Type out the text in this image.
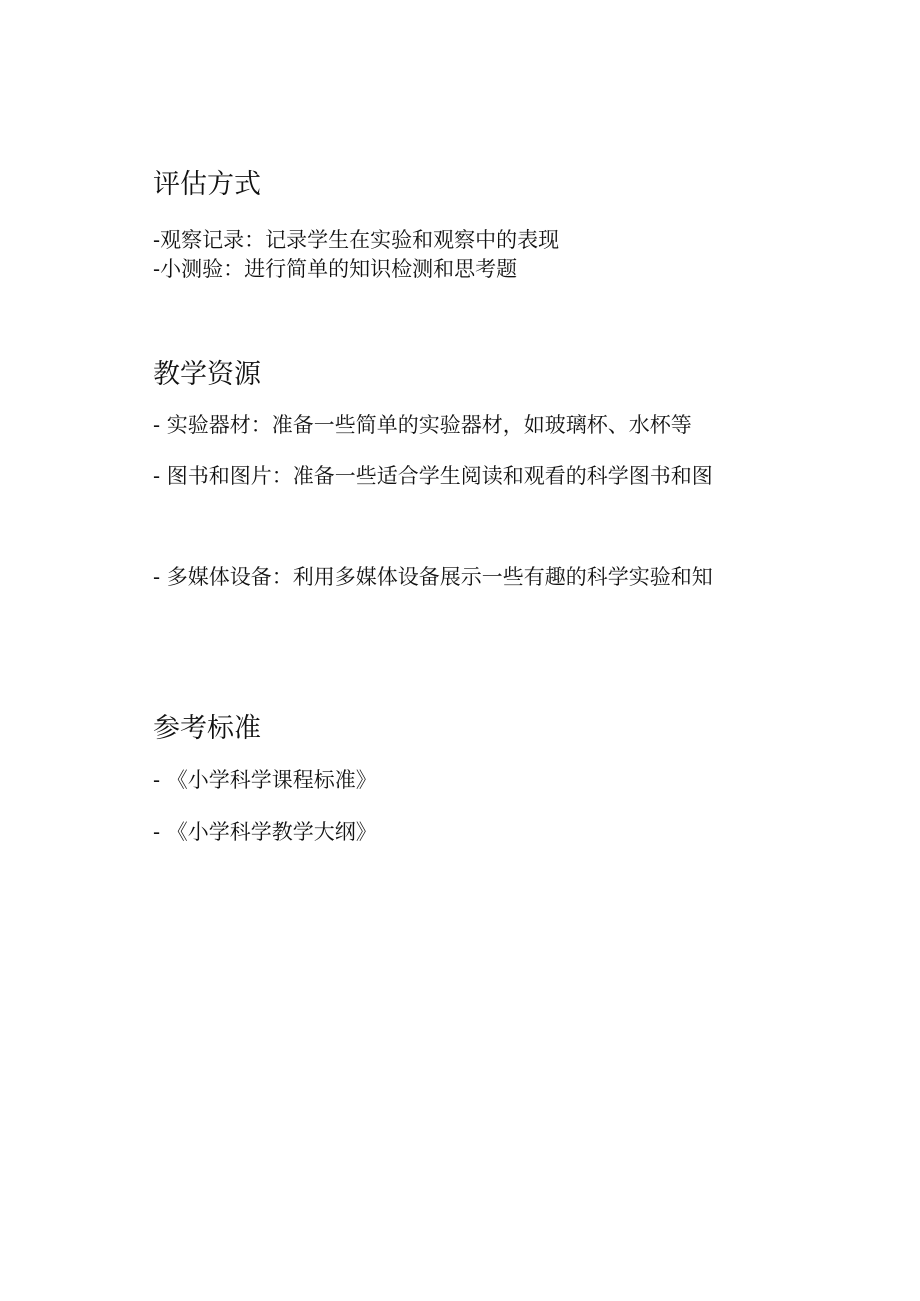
评估方式

-观察记录：记录学生在实验和观察中的表现

-小测验：进行简单的知识检测和思考题

教学资源

- 实验器材：准备一些简单的实验器材，如玻璃杯、水杯等

- 图书和图片：准备一些适合学生阅读和观看的科学图书和图

- 多媒体设备：利用多媒体设备展示一些有趣的科学实验和知

参考标准

- 《小学科学课程标准》

- 《小学科学教学大纲》
